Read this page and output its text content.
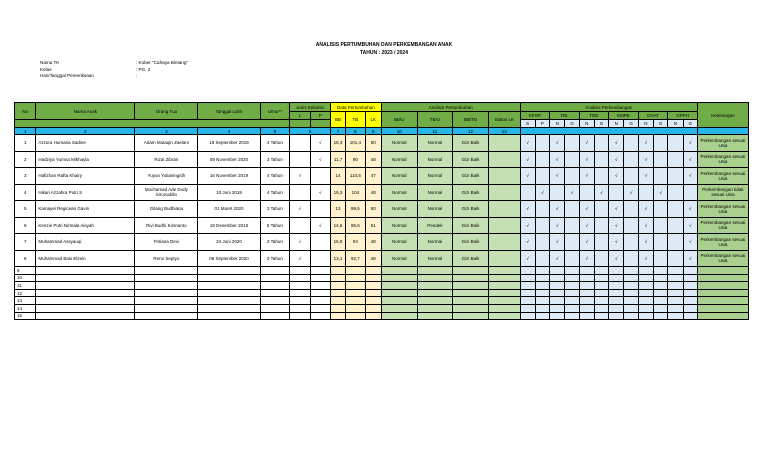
ANALISIS PERTUMBUHAN DAN PERKEMBANGAN ANAK
TAHUN : 2023 / 2024
Nama TK	: Kober "Cahaya Bintang"
Kelas	: PG. 2
Hari/Tanggal Pemeriksaan	:
No	Nama Anak	Orang Tua	Tanggal Lahir	Umur**	Jenis Kelamin		Data Pertumbuhan			Analisis Pertumbuhan				Analisis Perkembangan												Keterangan
					L	P	BB	TB	LK	BB/U	TB/U	BB/TB	Status LK	KPSP		TDL		TDD		KMPE		CHAT		GPPH		
														S	P	N	G	N	G	N	G	N	G	N	G	
1	2	3	4	5	6		7	8	9	10	11	12	13													
1	Azzura Humaira Sadine	Adam Mutaqin Zaelani	19 September 2019	4 Tahun		√	15,3	101,4	50	Normal	Normal	Gizi Baik		√		√		√		√		√			√	Perkembangan sesuai Usia
2	Hadziya Yumna Mikhayla	Rizal Zibran	09 November 2020	3 Tahun		√	11,7	90	48	Normal	Normal	Gizi Baik		√		√		√		√		√			√	Perkembangan sesuai Usia
3	Hafizhan Rafta Khairy	Yuyun Yulianingsih	16 November 2019	4 Tahun	√		14	110,5	47	Normal	Normal	Gizi Baik		√		√		√		√		√			√	Perkembangan sesuai Usia
4	Hikari Azzahra Putri S	Mochamad Ade Dody Sirozuddin	10 Juni 2019	4 Tahun		√	19,3	104	48	Normal	Normal	Gizi Baik			√		√		√		√		√			Perkembangan tidak sesuai Usia
5	Kamayei Regicean Gavin	Gilang Budhiana	01 Maret 2020	3 Tahun	√		13	99,5	50	Normal	Normal	Gizi Baik		√		√		√		√		√			√	Perkembangan sesuai Usia
6	Kenzie Putri Nirmala Aisyah	Rivi Budhi Kirsnanto	18 Desember 2018	5 Tahun		√	14,6	95,5	51	Normal	Pendek	Gizi Baik		√		√		√		√		√			√	Perkembangan sesuai Usia
7	Muhammad Assyauqi	Fitriana Devi	24 Juni 2020	3 Tahun	√		15,9	94	48	Normal	Normal	Gizi Baik		√		√		√		√		√			√	Perkembangan sesuai Usia
8	Muhammad Bais Elzein	Reno Septyo	08 September 2020	3 Tahun	√		13,1	92,7	48	Normal	Normal	Gizi Baik		√		√		√		√		√			√	Perkembangan sesuai Usia
9																										
10																										
11																										
12																										
13																										
14																										
15																										
